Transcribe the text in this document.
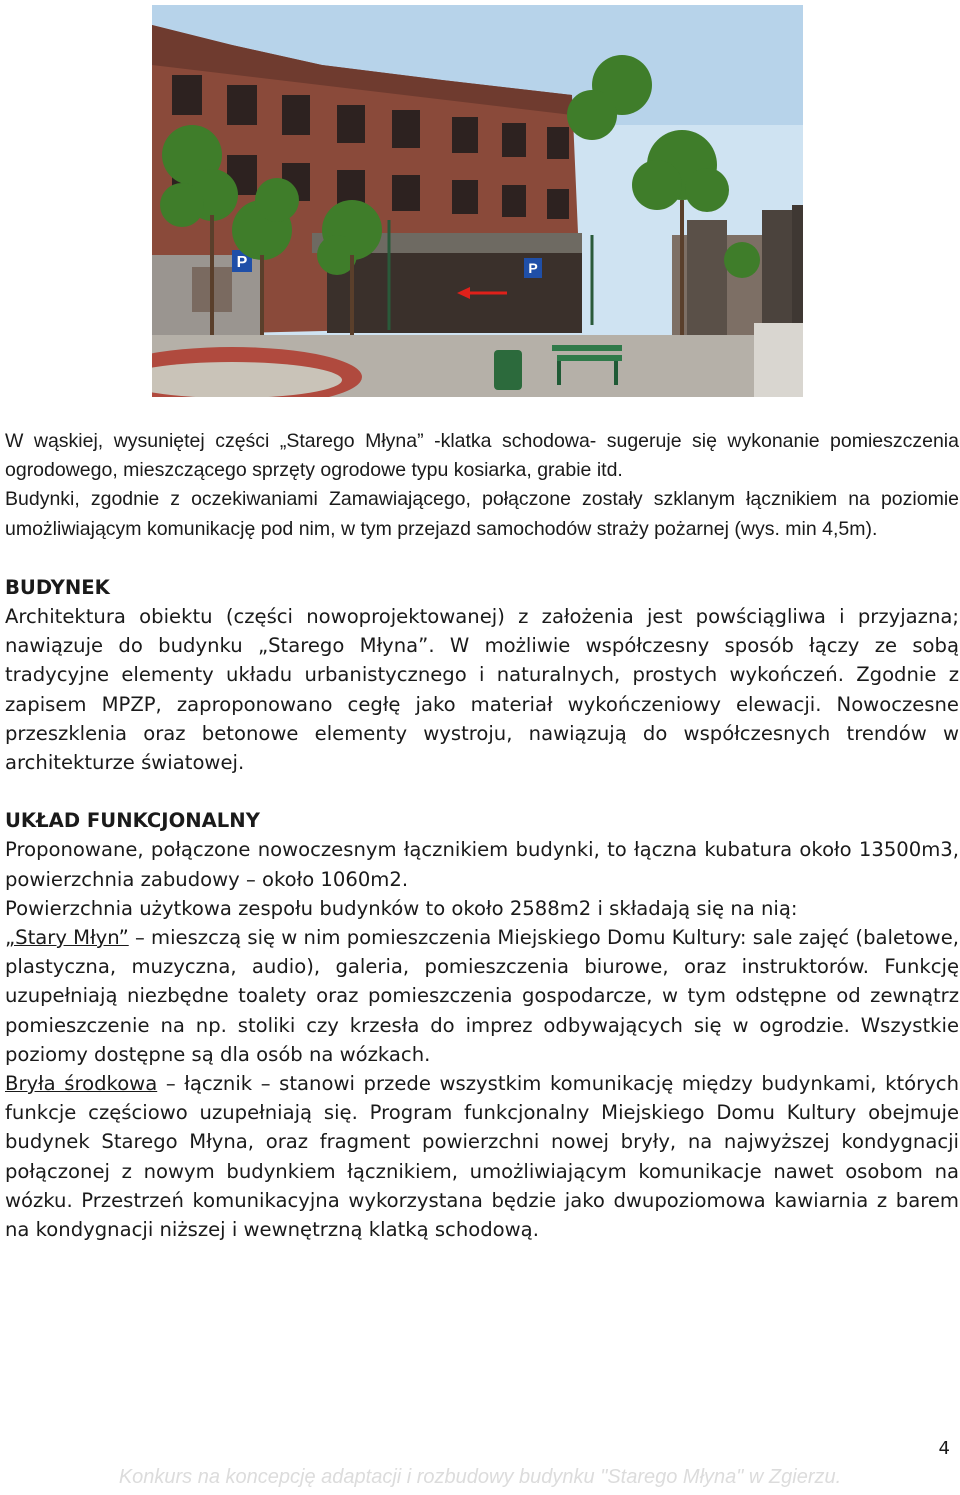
P	P

W wąskiej, wysuniętej części „Starego Młyna” -klatka schodowa- sugeruje się wykonanie pomieszczenia ogrodowego, mieszczącego sprzęty ogrodowe typu kosiarka, grabie itd.

Budynki, zgodnie z oczekiwaniami Zamawiającego, połączone zostały szklanym łącznikiem na poziomie umożliwiającym komunikację pod nim, w tym przejazd samochodów straży pożarnej (wys. min 4,5m).

BUDYNEK

Architektura obiektu (części nowoprojektowanej) z założenia jest powściągliwa i przyjazna; nawiązuje do budynku „Starego Młyna”. W możliwie współczesny sposób łączy ze sobą tradycyjne elementy układu urbanistycznego i naturalnych, prostych wykończeń. Zgodnie z zapisem MPZP, zaproponowano cegłę jako materiał wykończeniowy elewacji. Nowoczesne przeszklenia oraz betonowe elementy wystroju, nawiązują do współczesnych trendów w architekturze światowej.

UKŁAD FUNKCJONALNY

Proponowane, połączone nowoczesnym łącznikiem budynki, to łączna kubatura około 13500m3, powierzchnia zabudowy – około 1060m2.

Powierzchnia użytkowa zespołu budynków to około 2588m2 i składają się na nią:

„Stary Młyn” – mieszczą się w nim pomieszczenia Miejskiego Domu Kultury: sale zajęć (baletowe, plastyczna, muzyczna, audio), galeria, pomieszczenia biurowe, oraz instruktorów. Funkcję uzupełniają niezbędne toalety oraz pomieszczenia gospodarcze, w tym odstępne od zewnątrz pomieszczenie na np. stoliki czy krzesła do imprez odbywających się w ogrodzie. Wszystkie poziomy dostępne są dla osób na wózkach.

Bryła środkowa – łącznik – stanowi przede wszystkim komunikację między budynkami, których funkcje częściowo uzupełniają się. Program funkcjonalny Miejskiego Domu Kultury obejmuje budynek Starego Młyna, oraz fragment powierzchni nowej bryły, na najwyższej kondygnacji połączonej z nowym budynkiem łącznikiem, umożliwiającym komunikacje nawet osobom na wózku. Przestrzeń komunikacyjna wykorzystana będzie jako dwupoziomowa kawiarnia z barem na kondygnacji niższej i wewnętrzną klatką schodową.

4
Konkurs na koncepcję adaptacji i rozbudowy budynku "Starego Młyna" w Zgierzu.
